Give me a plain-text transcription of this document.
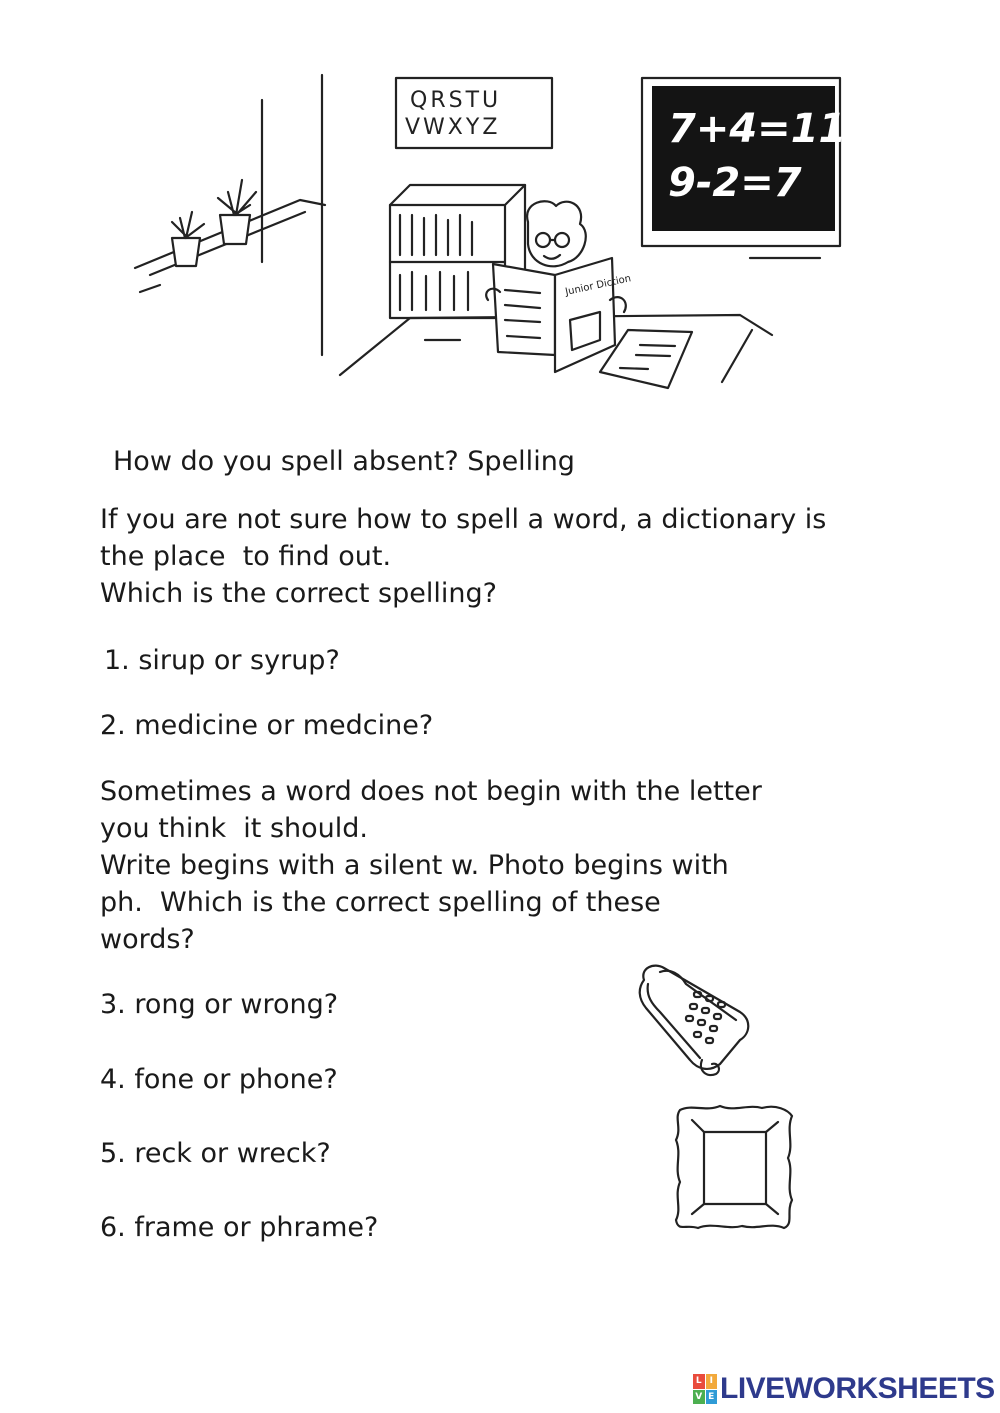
QRSTU
VWXYZ	7+4=11
9-2=7
Junior Diction
How do you spell absent? Spelling
If you are not sure how to spell a word, a dictionary is
the place  to find out.
Which is the correct spelling?
1. sirup or syrup?
2. medicine or medcine?
Sometimes a word does not begin with the letter
you think  it should.
Write begins with a silent w. Photo begins with
ph.  Which is the correct spelling of these
words?
3. rong or wrong?
4. fone or phone?
5. reck or wreck?
6. frame or phrame?
L I
V E LIVEWORKSHEETS
